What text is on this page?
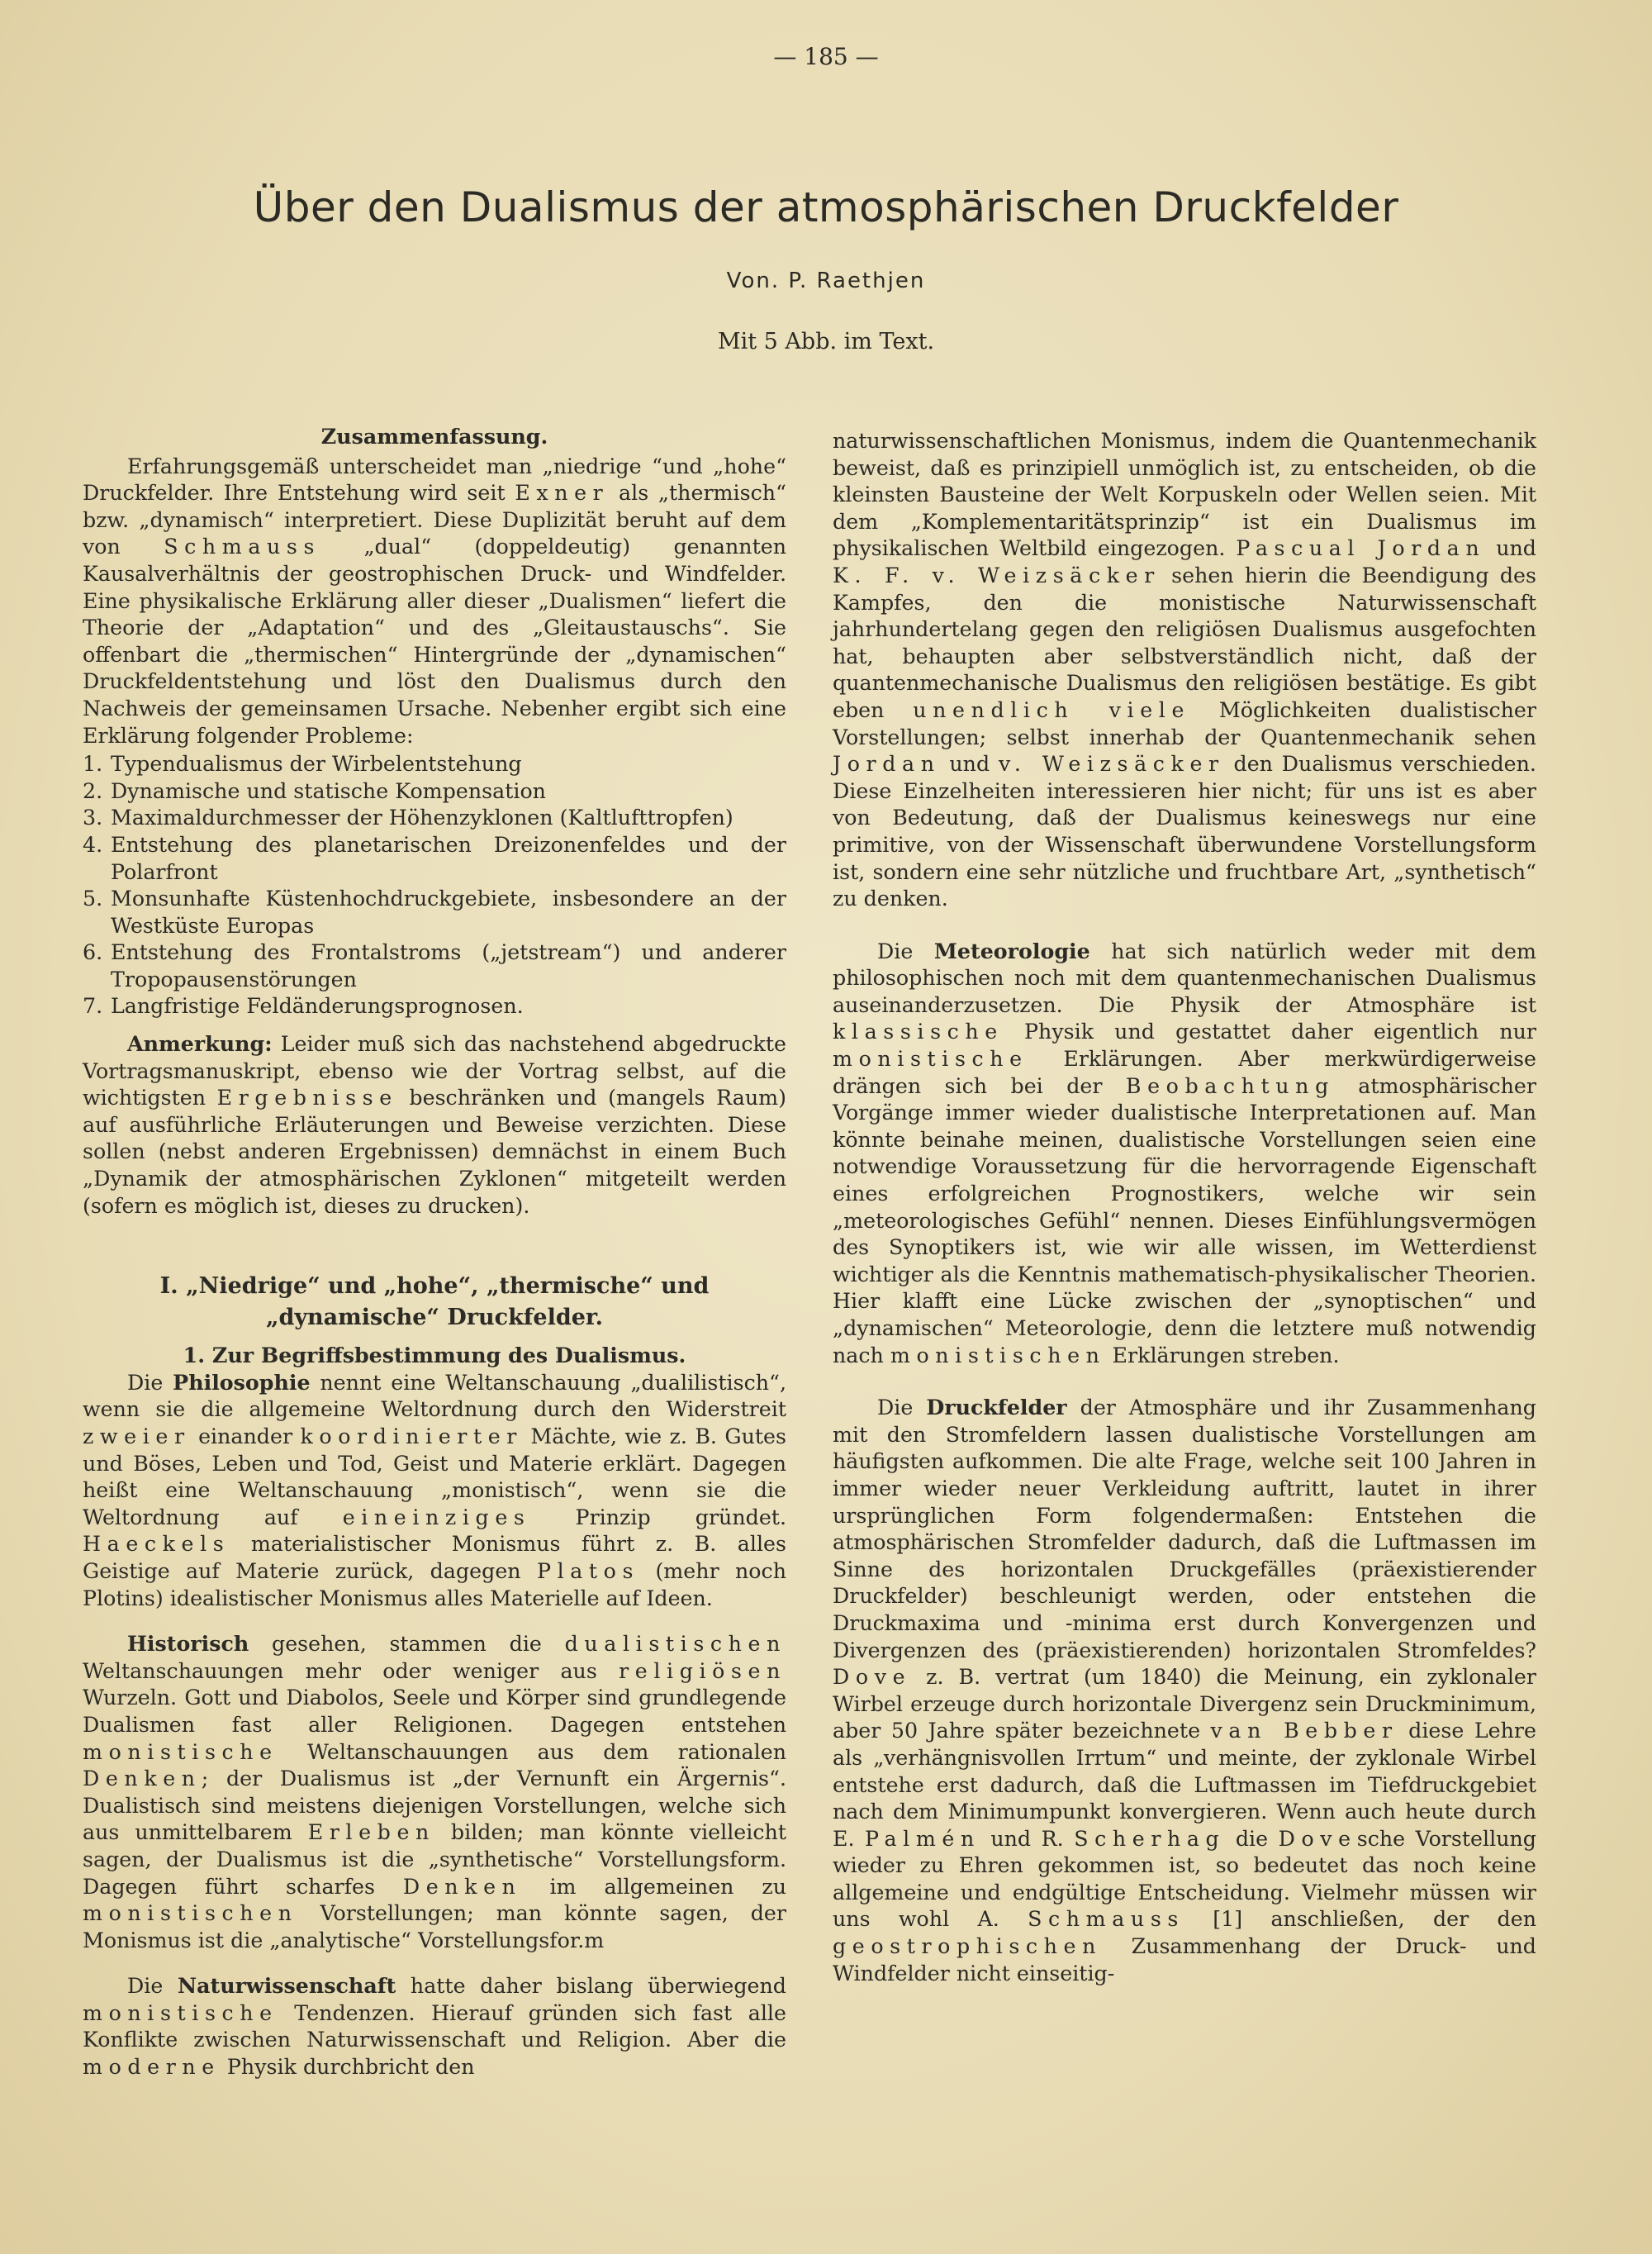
— 185 —
Über den Dualismus der atmosphärischen Druckfelder
Von. P. Raethjen
Mit 5 Abb. im Text.

Zusammenfassung.

Erfahrungsgemäß unterscheidet man „niedrige “und „hohe“ Druckfelder. Ihre Entstehung wird seit Exner als „thermisch“ bzw. „dynamisch“ interpretiert. Diese Duplizität beruht auf dem von Schmauss „dual“ (doppeldeutig) genannten Kausalverhältnis der geostrophischen Druck- und Windfelder. Eine physikalische Erklärung aller dieser „Dualismen“ liefert die Theorie der „Adaptation“ und des „Gleitaustauschs“. Sie offenbart die „thermischen“ Hintergründe der „dynamischen“ Druckfeldentstehung und löst den Dualismus durch den Nachweis der gemeinsamen Ursache. Nebenher ergibt sich eine Erklärung folgender Probleme:

1. Typendualismus der Wirbelentstehung
2. Dynamische und statische Kompensation
3. Maximaldurchmesser der Höhenzyklonen (Kaltlufttropfen)
4. Entstehung des planetarischen Dreizonenfeldes und der Polarfront
5. Monsunhafte Küstenhochdruckgebiete, insbesondere an der Westküste Europas
6. Entstehung des Frontalstroms („jetstream“) und anderer Tropopausenstörungen
7. Langfristige Feldänderungsprognosen.

Anmerkung: Leider muß sich das nachstehend abgedruckte Vortragsmanuskript, ebenso wie der Vortrag selbst, auf die wichtigsten Ergebnisse beschränken und (mangels Raum) auf ausführliche Erläuterungen und Beweise verzichten. Diese sollen (nebst anderen Ergebnissen) demnächst in einem Buch „Dynamik der atmosphärischen Zyklonen“ mitgeteilt werden (sofern es möglich ist, dieses zu drucken).

I. „Niedrige“ und „hohe“, „thermische“ und „dynamische“ Druckfelder.

1. Zur Begriffsbestimmung des Dualismus.

Die Philosophie nennt eine Weltanschauung „dualilistisch“, wenn sie die allgemeine Weltordnung durch den Widerstreit zweier einander koordinierter Mächte, wie z. B. Gutes und Böses, Leben und Tod, Geist und Materie erklärt. Dagegen heißt eine Weltanschauung „monistisch“, wenn sie die Weltordnung auf eineinziges Prinzip gründet. Haeckels materialistischer Monismus führt z. B. alles Geistige auf Materie zurück, dagegen Platos (mehr noch Plotins) idealistischer Monismus alles Materielle auf Ideen.

Historisch gesehen, stammen die dualistischen Weltanschauungen mehr oder weniger aus religiösen Wurzeln. Gott und Diabolos, Seele und Körper sind grundlegende Dualismen fast aller Religionen. Dagegen entstehen monistische Weltanschauungen aus dem rationalen Denken; der Dualismus ist „der Vernunft ein Ärgernis“. Dualistisch sind meistens diejenigen Vorstellungen, welche sich aus unmittelbarem Erleben bilden; man könnte vielleicht sagen, der Dualismus ist die „synthetische“ Vorstellungsform. Dagegen führt scharfes Denken im allgemeinen zu monistischen Vorstellungen; man könnte sagen, der Monismus ist die „analytische“ Vorstellungsfor.m

Die Naturwissenschaft hatte daher bislang überwiegend monistische Tendenzen. Hierauf gründen sich fast alle Konflikte zwischen Naturwissenschaft und Religion. Aber die moderne Physik durchbricht den

naturwissenschaftlichen Monismus, indem die Quantenmechanik beweist, daß es prinzipiell unmöglich ist, zu entscheiden, ob die kleinsten Bausteine der Welt Korpuskeln oder Wellen seien. Mit dem „Komplementaritätsprinzip“ ist ein Dualismus im physikalischen Weltbild eingezogen. Pascual Jordan und K. F. v. Weizsäcker sehen hierin die Beendigung des Kampfes, den die monistische Naturwissenschaft jahrhundertelang gegen den religiösen Dualismus ausgefochten hat, behaupten aber selbstverständlich nicht, daß der quantenmechanische Dualismus den religiösen bestätige. Es gibt eben unendlich viele Möglichkeiten dualistischer Vorstellungen; selbst innerhab der Quantenmechanik sehen Jordan und v. Weizsäcker den Dualismus verschieden. Diese Einzelheiten interessieren hier nicht; für uns ist es aber von Bedeutung, daß der Dualismus keineswegs nur eine primitive, von der Wissenschaft überwundene Vorstellungsform ist, sondern eine sehr nützliche und fruchtbare Art, „synthetisch“ zu denken.

Die Meteorologie hat sich natürlich weder mit dem philosophischen noch mit dem quantenmechanischen Dualismus auseinanderzusetzen. Die Physik der Atmosphäre ist klassische Physik und gestattet daher eigentlich nur monistische Erklärungen. Aber merkwürdigerweise drängen sich bei der Beobachtung atmosphärischer Vorgänge immer wieder dualistische Interpretationen auf. Man könnte beinahe meinen, dualistische Vorstellungen seien eine notwendige Voraussetzung für die hervorragende Eigenschaft eines erfolgreichen Prognostikers, welche wir sein „meteorologisches Gefühl“ nennen. Dieses Einfühlungsvermögen des Synoptikers ist, wie wir alle wissen, im Wetterdienst wichtiger als die Kenntnis mathematisch-physikalischer Theorien. Hier klafft eine Lücke zwischen der „synoptischen“ und „dynamischen“ Meteorologie, denn die letztere muß notwendig nach monistischen Erklärungen streben.

Die Druckfelder der Atmosphäre und ihr Zusammenhang mit den Stromfeldern lassen dualistische Vorstellungen am häufigsten aufkommen. Die alte Frage, welche seit 100 Jahren in immer wieder neuer Verkleidung auftritt, lautet in ihrer ursprünglichen Form folgendermaßen: Entstehen die atmosphärischen Stromfelder dadurch, daß die Luftmassen im Sinne des horizontalen Druckgefälles (präexistierender Druckfelder) beschleunigt werden, oder entstehen die Druckmaxima und -minima erst durch Konvergenzen und Divergenzen des (präexistierenden) horizontalen Stromfeldes? Dove z. B. vertrat (um 1840) die Meinung, ein zyklonaler Wirbel erzeuge durch horizontale Divergenz sein Druckminimum, aber 50 Jahre später bezeichnete van Bebber diese Lehre als „verhängnisvollen Irrtum“ und meinte, der zyklonale Wirbel entstehe erst dadurch, daß die Luftmassen im Tiefdruckgebiet nach dem Minimumpunkt konvergieren. Wenn auch heute durch E. Palmén und R. Scherhag die Dovesche Vorstellung wieder zu Ehren gekommen ist, so bedeutet das noch keine allgemeine und endgültige Entscheidung. Vielmehr müssen wir uns wohl A. Schmauss [1] anschließen, der den geostrophischen Zusammenhang der Druck- und Windfelder nicht einseitig-
